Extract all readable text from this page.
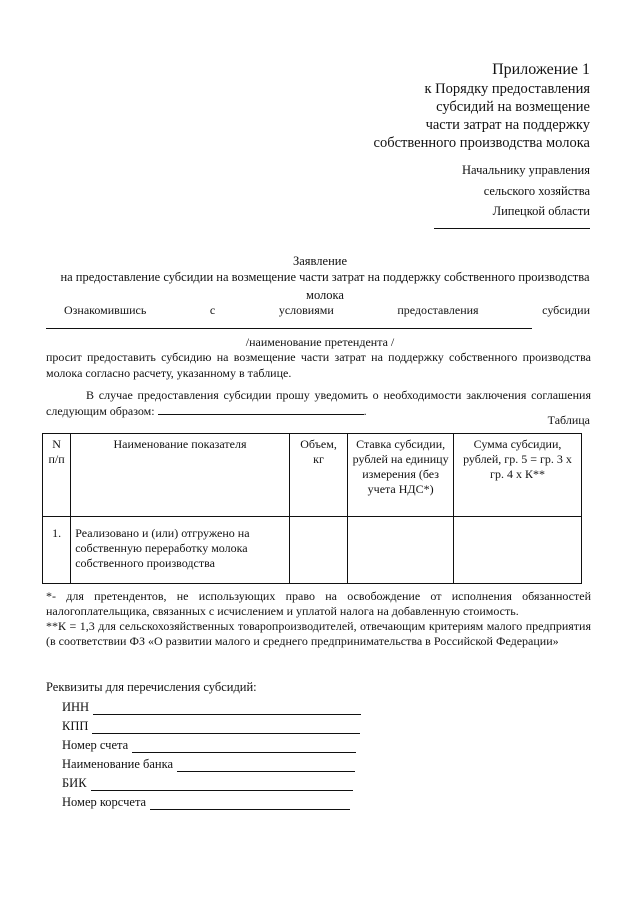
Приложение 1
к Порядку предоставления
субсидий на возмещение
части затрат на поддержку
собственного производства молока
Начальнику управления
сельского хозяйства
Липецкой области
Заявление
на предоставление субсидии на возмещение части затрат на поддержку собственного производства молока
Ознакомившись	с	условиями	предоставления	субсидии
/наименование претендента /
просит предоставить субсидию на возмещение части затрат на поддержку собственного производства молока согласно расчету, указанному в таблице.
В случае предоставления субсидии прошу уведомить о необходимости заключения соглашения следующим образом:	.
Таблица
N п/п	Наименование показателя	Объем, кг	Ставка субсидии, рублей на единицу измерения (без учета НДС*)	Сумма субсидии, рублей, гр. 5 = гр. 3 х гр. 4 х К**
1.	Реализовано и (или) отгружено на собственную переработку молока собственного производства			
*- для претендентов, не использующих право на освобождение от исполнения обязанностей налогоплательщика, связанных с исчислением и уплатой налога на добавленную стоимость.
**К = 1,3 для сельскохозяйственных товаропроизводителей, отвечающим критериям малого предприятия (в соответствии ФЗ «О развитии малого и среднего предпринимательства в Российской Федерации»
Реквизиты для перечисления субсидий:
ИНН
КПП
Номер счета
Наименование банка
БИК
Номер корсчета
